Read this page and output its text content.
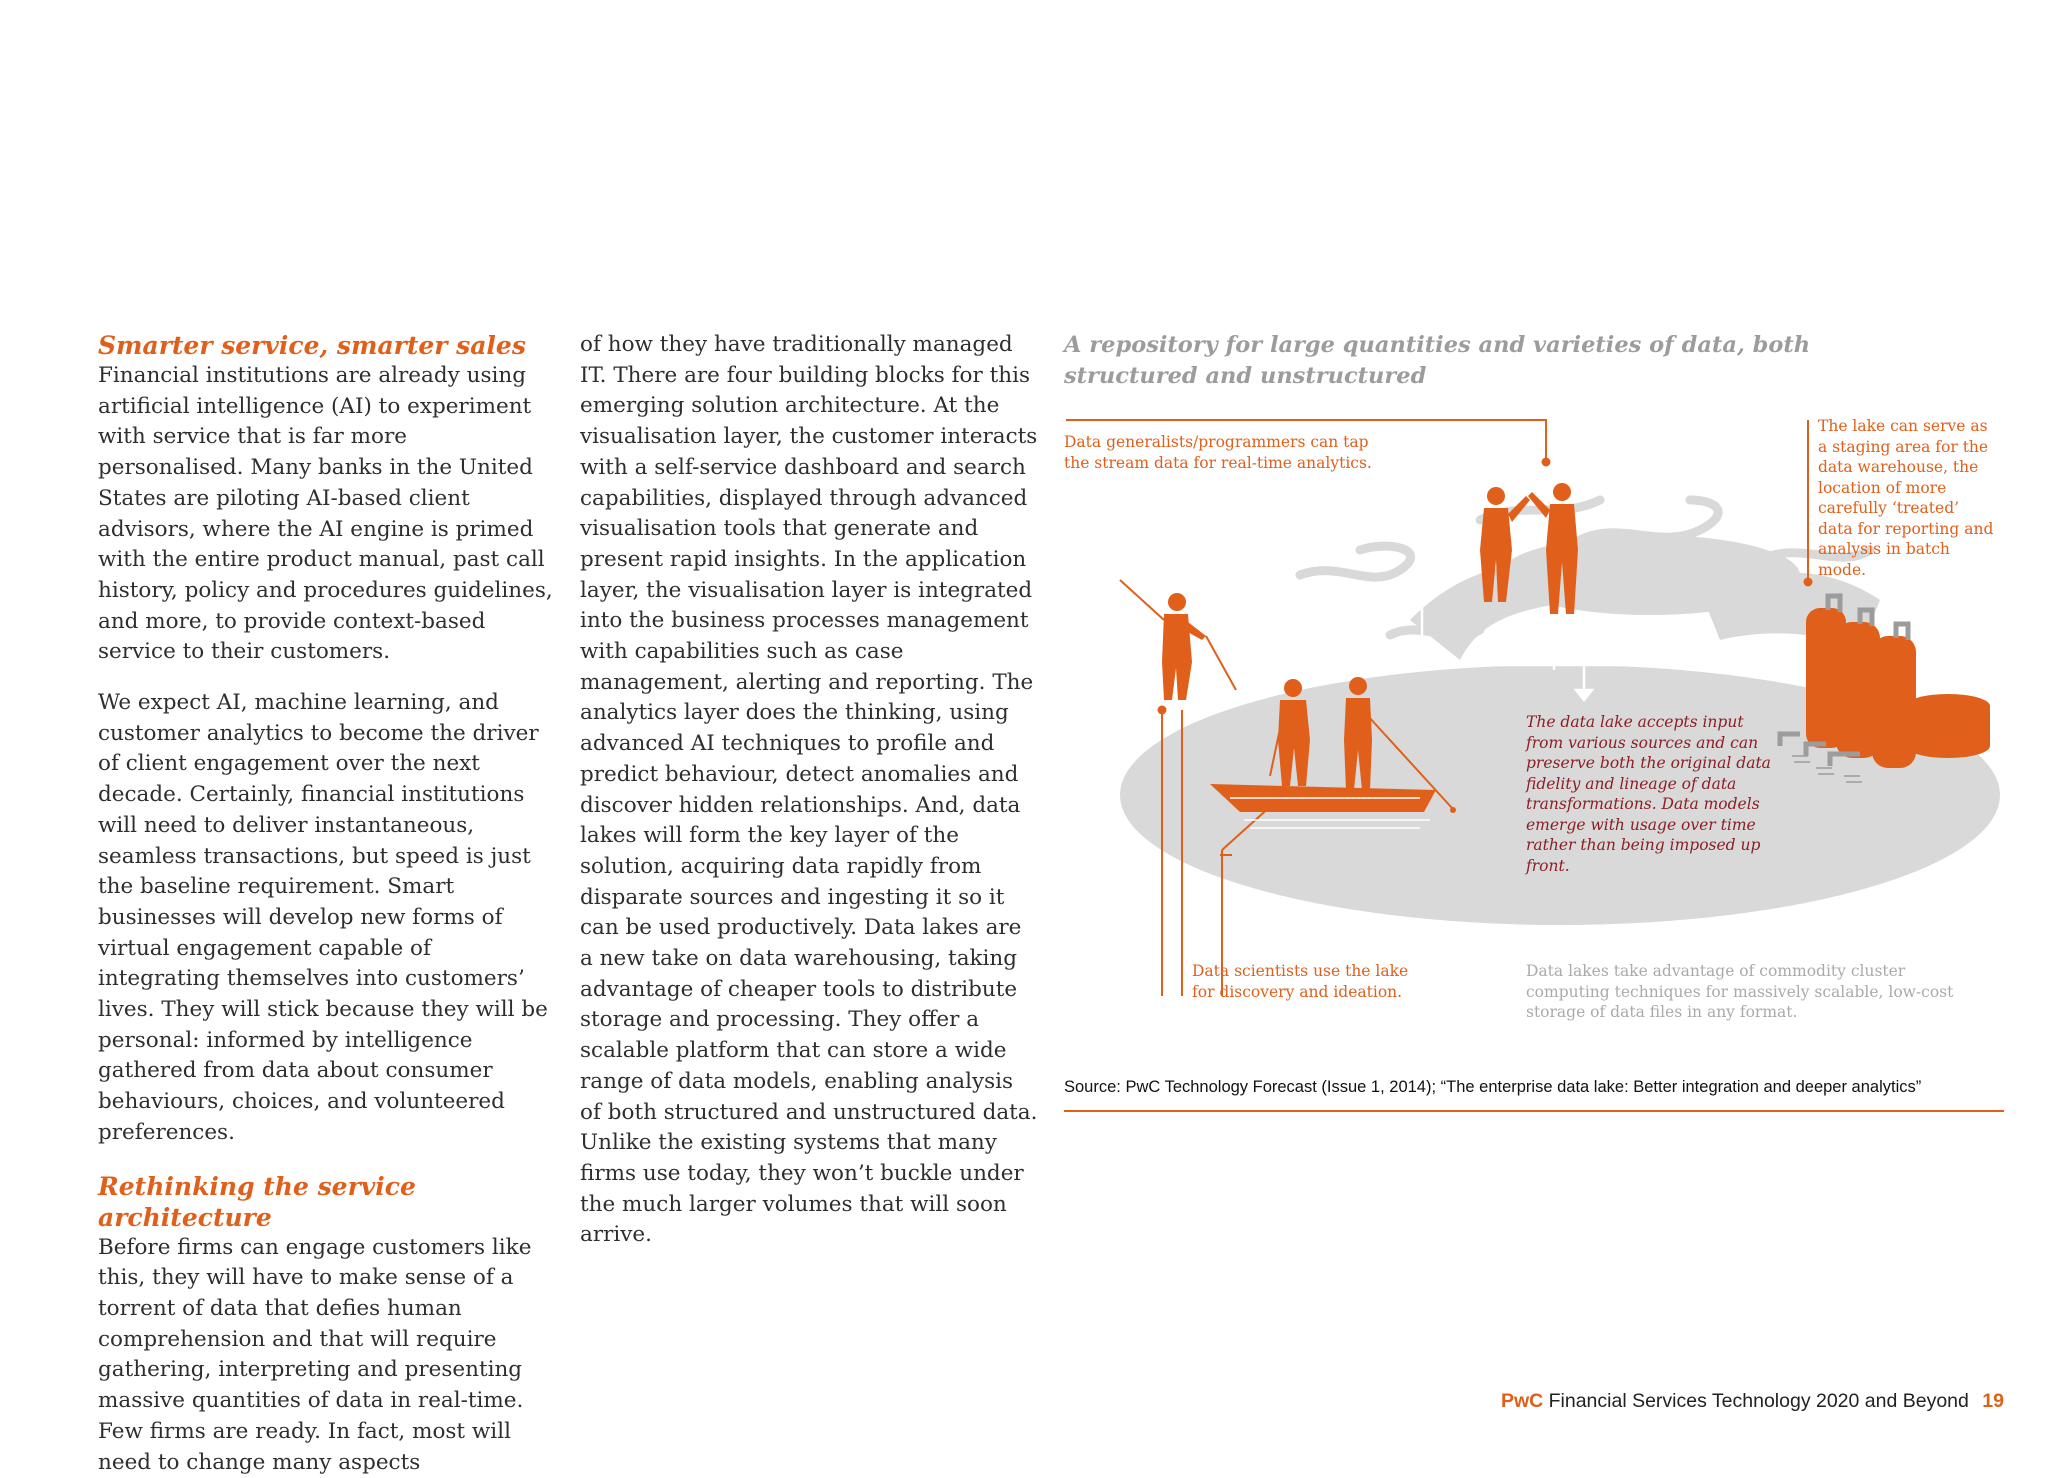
Smarter service, smarter sales

Financial institutions are already using artificial intelligence (AI) to experiment with service that is far more personalised. Many banks in the United States are piloting AI-based client advisors, where the AI engine is primed with the entire product manual, past call history, policy and procedures guidelines, and more, to provide context-based service to their customers.

We expect AI, machine learning, and customer analytics to become the driver of client engagement over the next decade. Certainly, financial institutions will need to deliver instantaneous, seamless transactions, but speed is just the baseline requirement. Smart businesses will develop new forms of virtual engagement capable of integrating themselves into customers’ lives. They will stick because they will be personal: informed by intelligence gathered from data about consumer behaviours, choices, and volunteered preferences.

Rethinking the service architecture

Before firms can engage customers like this, they will have to make sense of a torrent of data that defies human comprehension and that will require gathering, interpreting and presenting massive quantities of data in real-time. Few firms are ready. In fact, most will need to change many aspects

of how they have traditionally managed IT. There are four building blocks for this emerging solution architecture. At the visualisation layer, the customer interacts with a self-service dashboard and search capabilities, displayed through advanced visualisation tools that generate and present rapid insights. In the application layer, the visualisation layer is integrated into the business processes management with capabilities such as case management, alerting and reporting. The analytics layer does the thinking, using advanced AI techniques to profile and predict behaviour, detect anomalies and discover hidden relationships. And, data lakes will form the key layer of the solution, acquiring data rapidly from disparate sources and ingesting it so it can be used productively. Data lakes are a new take on data warehousing, taking advantage of cheaper tools to distribute storage and processing. They offer a scalable platform that can store a wide range of data models, enabling analysis of both structured and unstructured data. Unlike the existing systems that many firms use today, they won’t buckle under the much larger volumes that will soon arrive.

A repository for large quantities and varieties of data, both structured and unstructured

Data generalists/programmers can tap the stream data for real-time analytics.

The lake can serve as a staging area for the data warehouse, the location of more carefully ‘treated’ data for reporting and analysis in batch mode.

The data lake accepts input from various sources and can preserve both the original data fidelity and lineage of data transformations. Data models emerge with usage over time rather than being imposed up front.

Data scientists use the lake for discovery and ideation.

Data lakes take advantage of commodity cluster computing techniques for massively scalable, low-cost storage of data files in any format.

Source: PwC Technology Forecast (Issue 1, 2014); “The enterprise data lake: Better integration and deeper analytics”

PwC Financial Services Technology 2020 and Beyond 19
